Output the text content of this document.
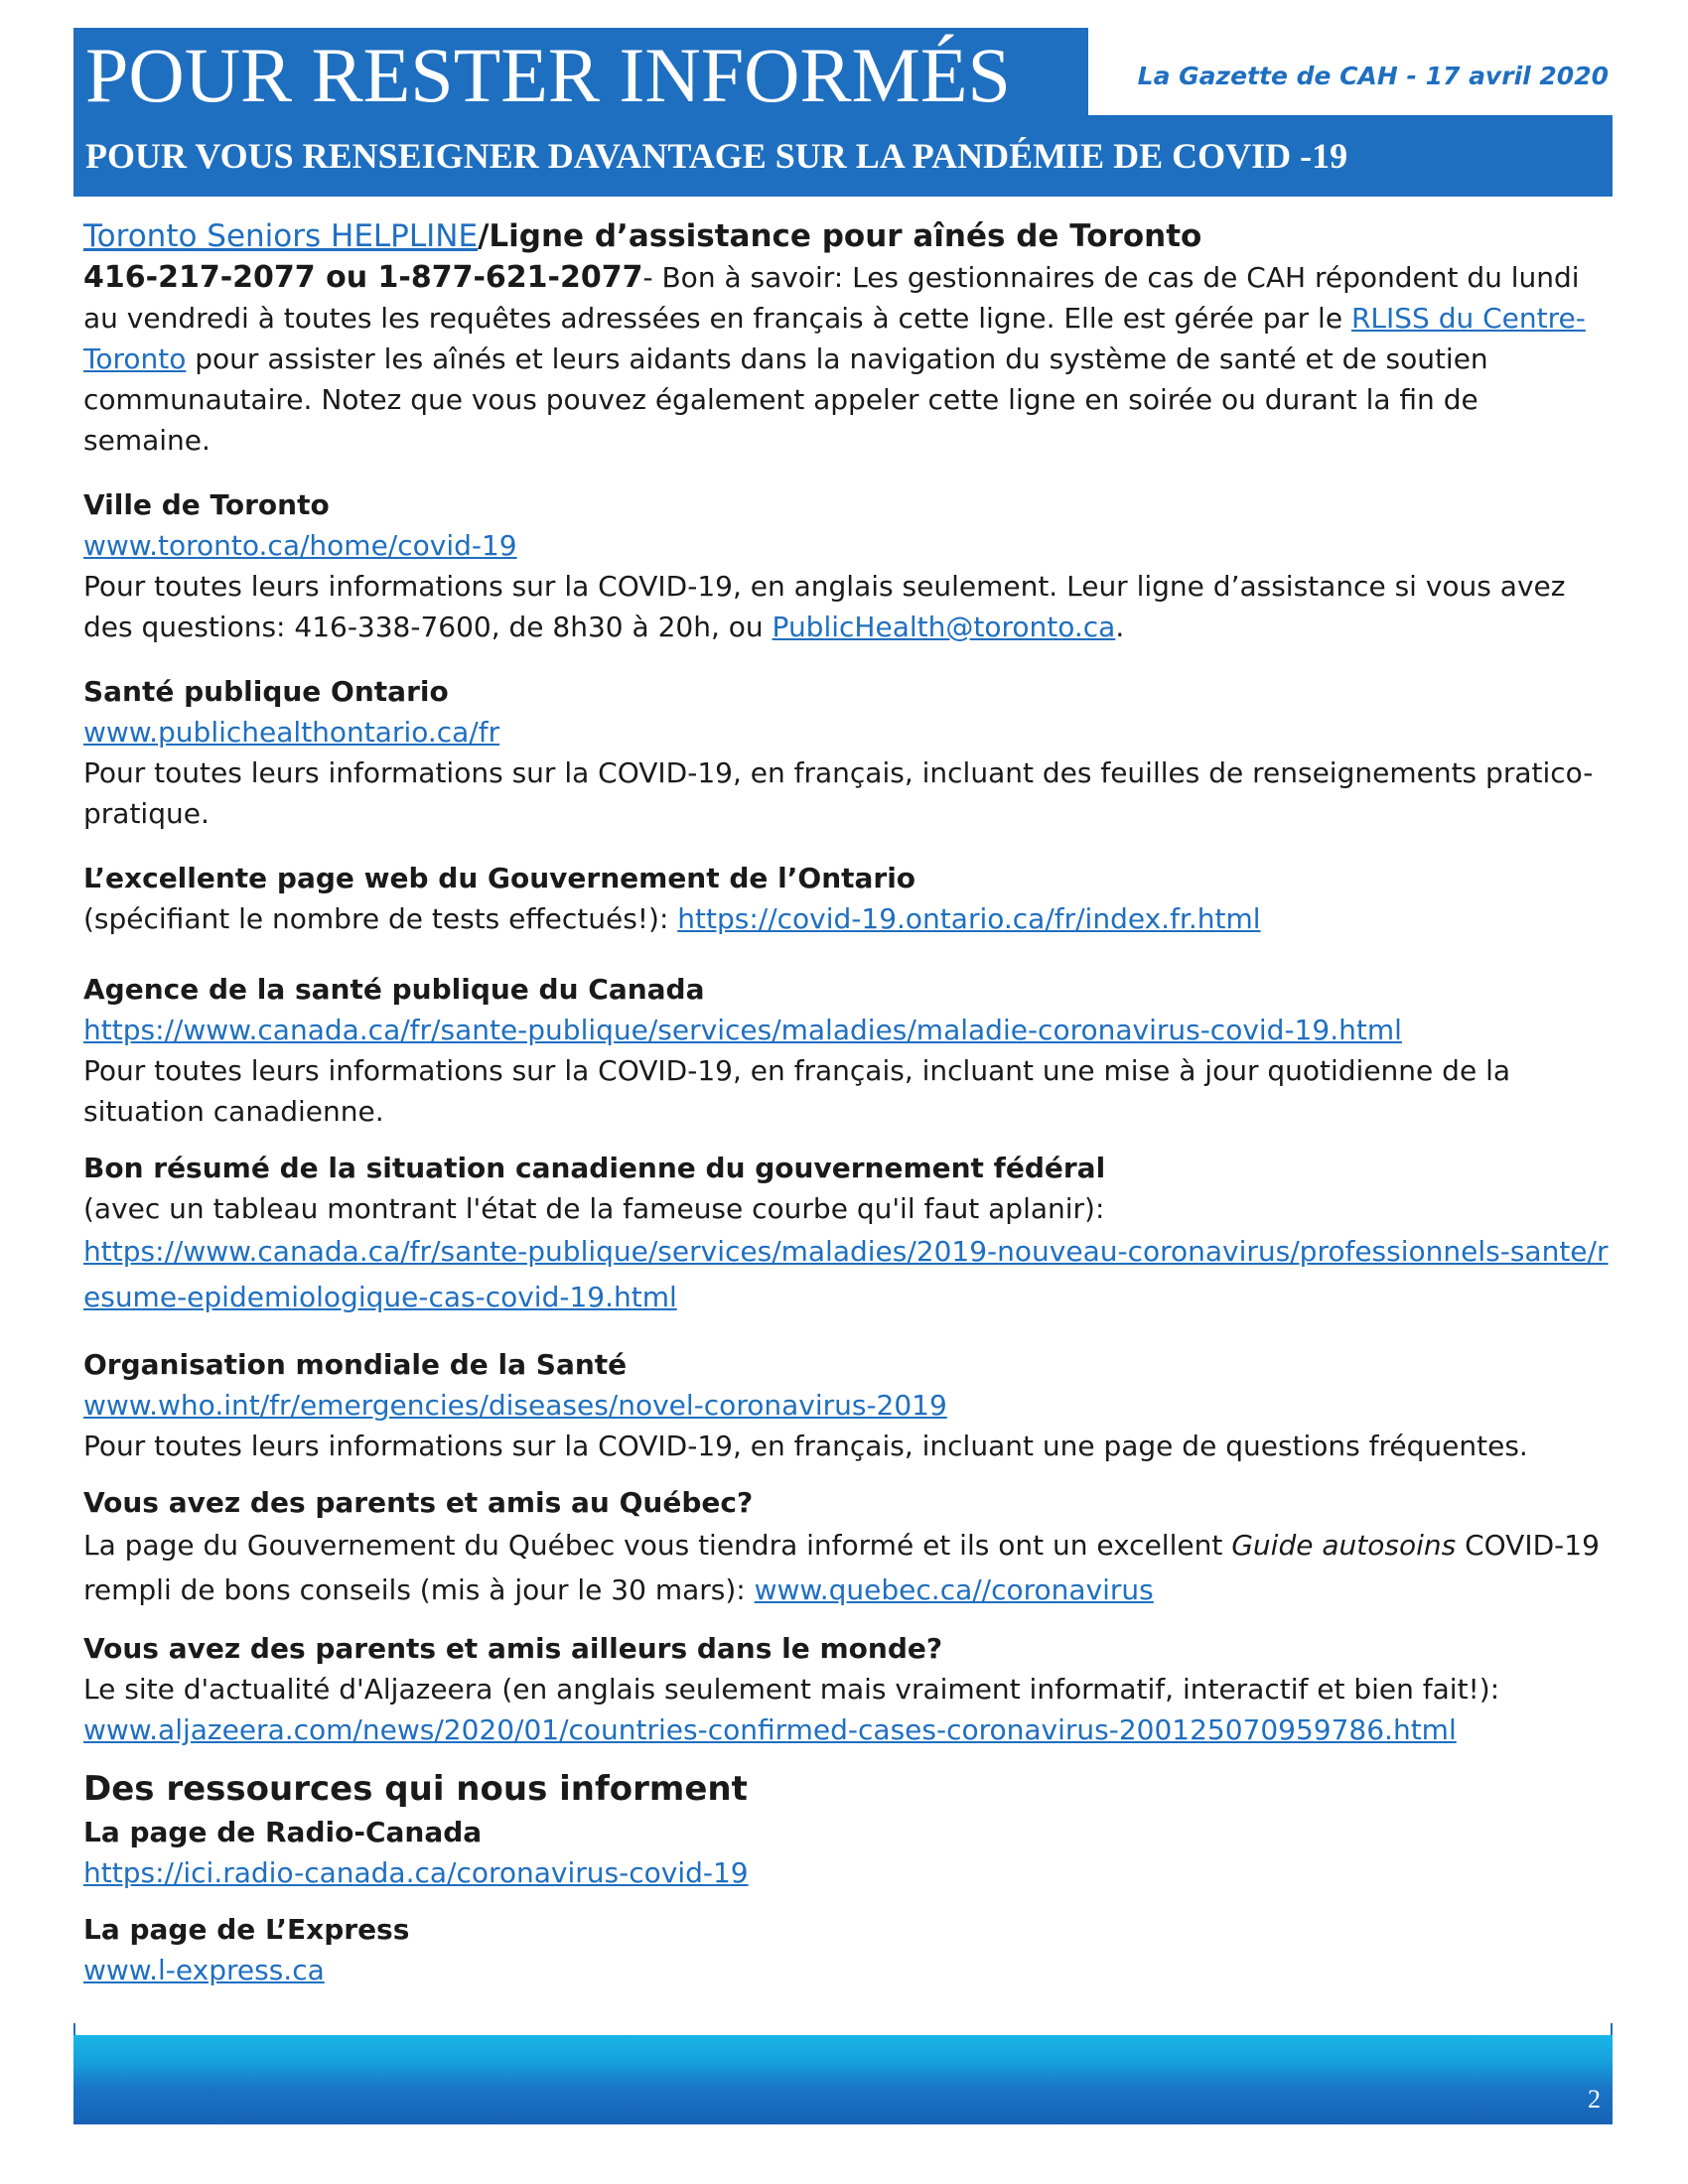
POUR RESTER INFORMÉS	La Gazette de CAH - 17 avril 2020
POUR VOUS RENSEIGNER DAVANTAGE SUR LA PANDÉMIE DE COVID -19

Toronto Seniors HELPLINE/Ligne d’assistance pour aînés de Toronto

416-217-2077 ou 1-877-621-2077- Bon à savoir: Les gestionnaires de cas de CAH répondent du lundi au vendredi à toutes les requêtes adressées en français à cette ligne. Elle est gérée par le RLISS du Centre-Toronto pour assister les aînés et leurs aidants dans la navigation du système de santé et de soutien communautaire. Notez que vous pouvez également appeler cette ligne en soirée ou durant la fin de semaine.

Ville de Toronto

www.toronto.ca/home/covid-19

Pour toutes leurs informations sur la COVID-19, en anglais seulement. Leur ligne d’assistance si vous avez des questions: 416-338-7600, de 8h30 à 20h, ou PublicHealth@toronto.ca.

Santé publique Ontario

www.publichealthontario.ca/fr

Pour toutes leurs informations sur la COVID-19, en français, incluant des feuilles de renseignements pratico-pratique.

L’excellente page web du Gouvernement de l’Ontario

(spécifiant le nombre de tests effectués!): https://covid-19.ontario.ca/fr/index.fr.html

Agence de la santé publique du Canada

https://www.canada.ca/fr/sante-publique/services/maladies/maladie-coronavirus-covid-19.html

Pour toutes leurs informations sur la COVID-19, en français, incluant une mise à jour quotidienne de la situation canadienne.

Bon résumé de la situation canadienne du gouvernement fédéral

(avec un tableau montrant l'état de la fameuse courbe qu'il faut aplanir):

https://www.canada.ca/fr/sante-publique/services/maladies/2019-nouveau-coronavirus/professionnels-sante/resume-epidemiologique-cas-covid-19.html

Organisation mondiale de la Santé

www.who.int/fr/emergencies/diseases/novel-coronavirus-2019

Pour toutes leurs informations sur la COVID-19, en français, incluant une page de questions fréquentes.

Vous avez des parents et amis au Québec?

La page du Gouvernement du Québec vous tiendra informé et ils ont un excellent Guide autosoins COVID-19 rempli de bons conseils (mis à jour le 30 mars): www.quebec.ca//coronavirus

Vous avez des parents et amis ailleurs dans le monde?

Le site d'actualité d'Aljazeera (en anglais seulement mais vraiment informatif, interactif et bien fait!):

www.aljazeera.com/news/2020/01/countries-confirmed-cases-coronavirus-200125070959786.html

Des ressources qui nous informent

La page de Radio-Canada

https://ici.radio-canada.ca/coronavirus-covid-19

La page de L’Express

www.l-express.ca

2
